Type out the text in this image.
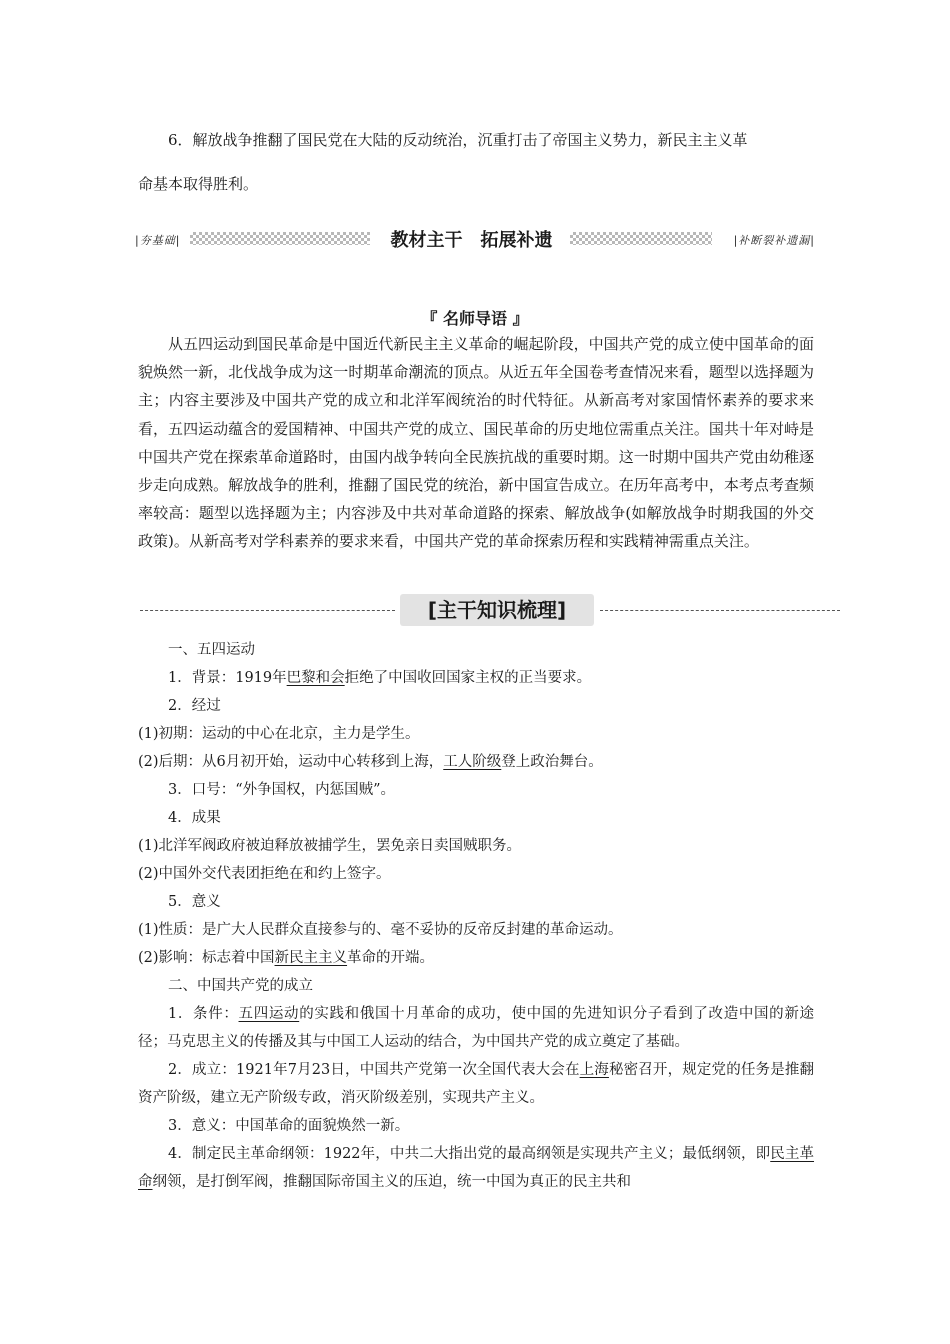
6．解放战争推翻了国民党在大陆的反动统治，沉重打击了帝国主义势力，新民主主义革
命基本取得胜利。
|夯基础|	教材主干　拓展补遗	|补断裂补遗漏|
『 名师导语 』
从五四运动到国民革命是中国近代新民主主义革命的崛起阶段，中国共产党的成立使中国革命的面貌焕然一新，北伐战争成为这一时期革命潮流的顶点。从近五年全国卷考查情况来看，题型以选择题为主；内容主要涉及中国共产党的成立和北洋军阀统治的时代特征。从新高考对家国情怀素养的要求来看，五四运动蕴含的爱国精神、中国共产党的成立、国民革命的历史地位需重点关注。国共十年对峙是中国共产党在探索革命道路时，由国内战争转向全民族抗战的重要时期。这一时期中国共产党由幼稚逐步走向成熟。解放战争的胜利，推翻了国民党的统治，新中国宣告成立。在历年高考中，本考点考查频率较高：题型以选择题为主；内容涉及中共对革命道路的探索、解放战争(如解放战争时期我国的外交政策)。从新高考对学科素养的要求来看，中国共产党的革命探索历程和实践精神需重点关注。
[主干知识梳理]
一、五四运动
1．背景：1919年巴黎和会拒绝了中国收回国家主权的正当要求。
2．经过
(1)初期：运动的中心在北京，主力是学生。
(2)后期：从6月初开始，运动中心转移到上海，工人阶级登上政治舞台。
3．口号：“外争国权，内惩国贼”。
4．成果
(1)北洋军阀政府被迫释放被捕学生，罢免亲日卖国贼职务。
(2)中国外交代表团拒绝在和约上签字。
5．意义
(1)性质：是广大人民群众直接参与的、毫不妥协的反帝反封建的革命运动。
(2)影响：标志着中国新民主主义革命的开端。
二、中国共产党的成立
1．条件：五四运动的实践和俄国十月革命的成功，使中国的先进知识分子看到了改造中国的新途径；马克思主义的传播及其与中国工人运动的结合，为中国共产党的成立奠定了基础。
2．成立：1921年7月23日，中国共产党第一次全国代表大会在上海秘密召开，规定党的任务是推翻资产阶级，建立无产阶级专政，消灭阶级差别，实现共产主义。
3．意义：中国革命的面貌焕然一新。
4．制定民主革命纲领：1922年，中共二大指出党的最高纲领是实现共产主义；最低纲领，即民主革命纲领，是打倒军阀，推翻国际帝国主义的压迫，统一中国为真正的民主共和
